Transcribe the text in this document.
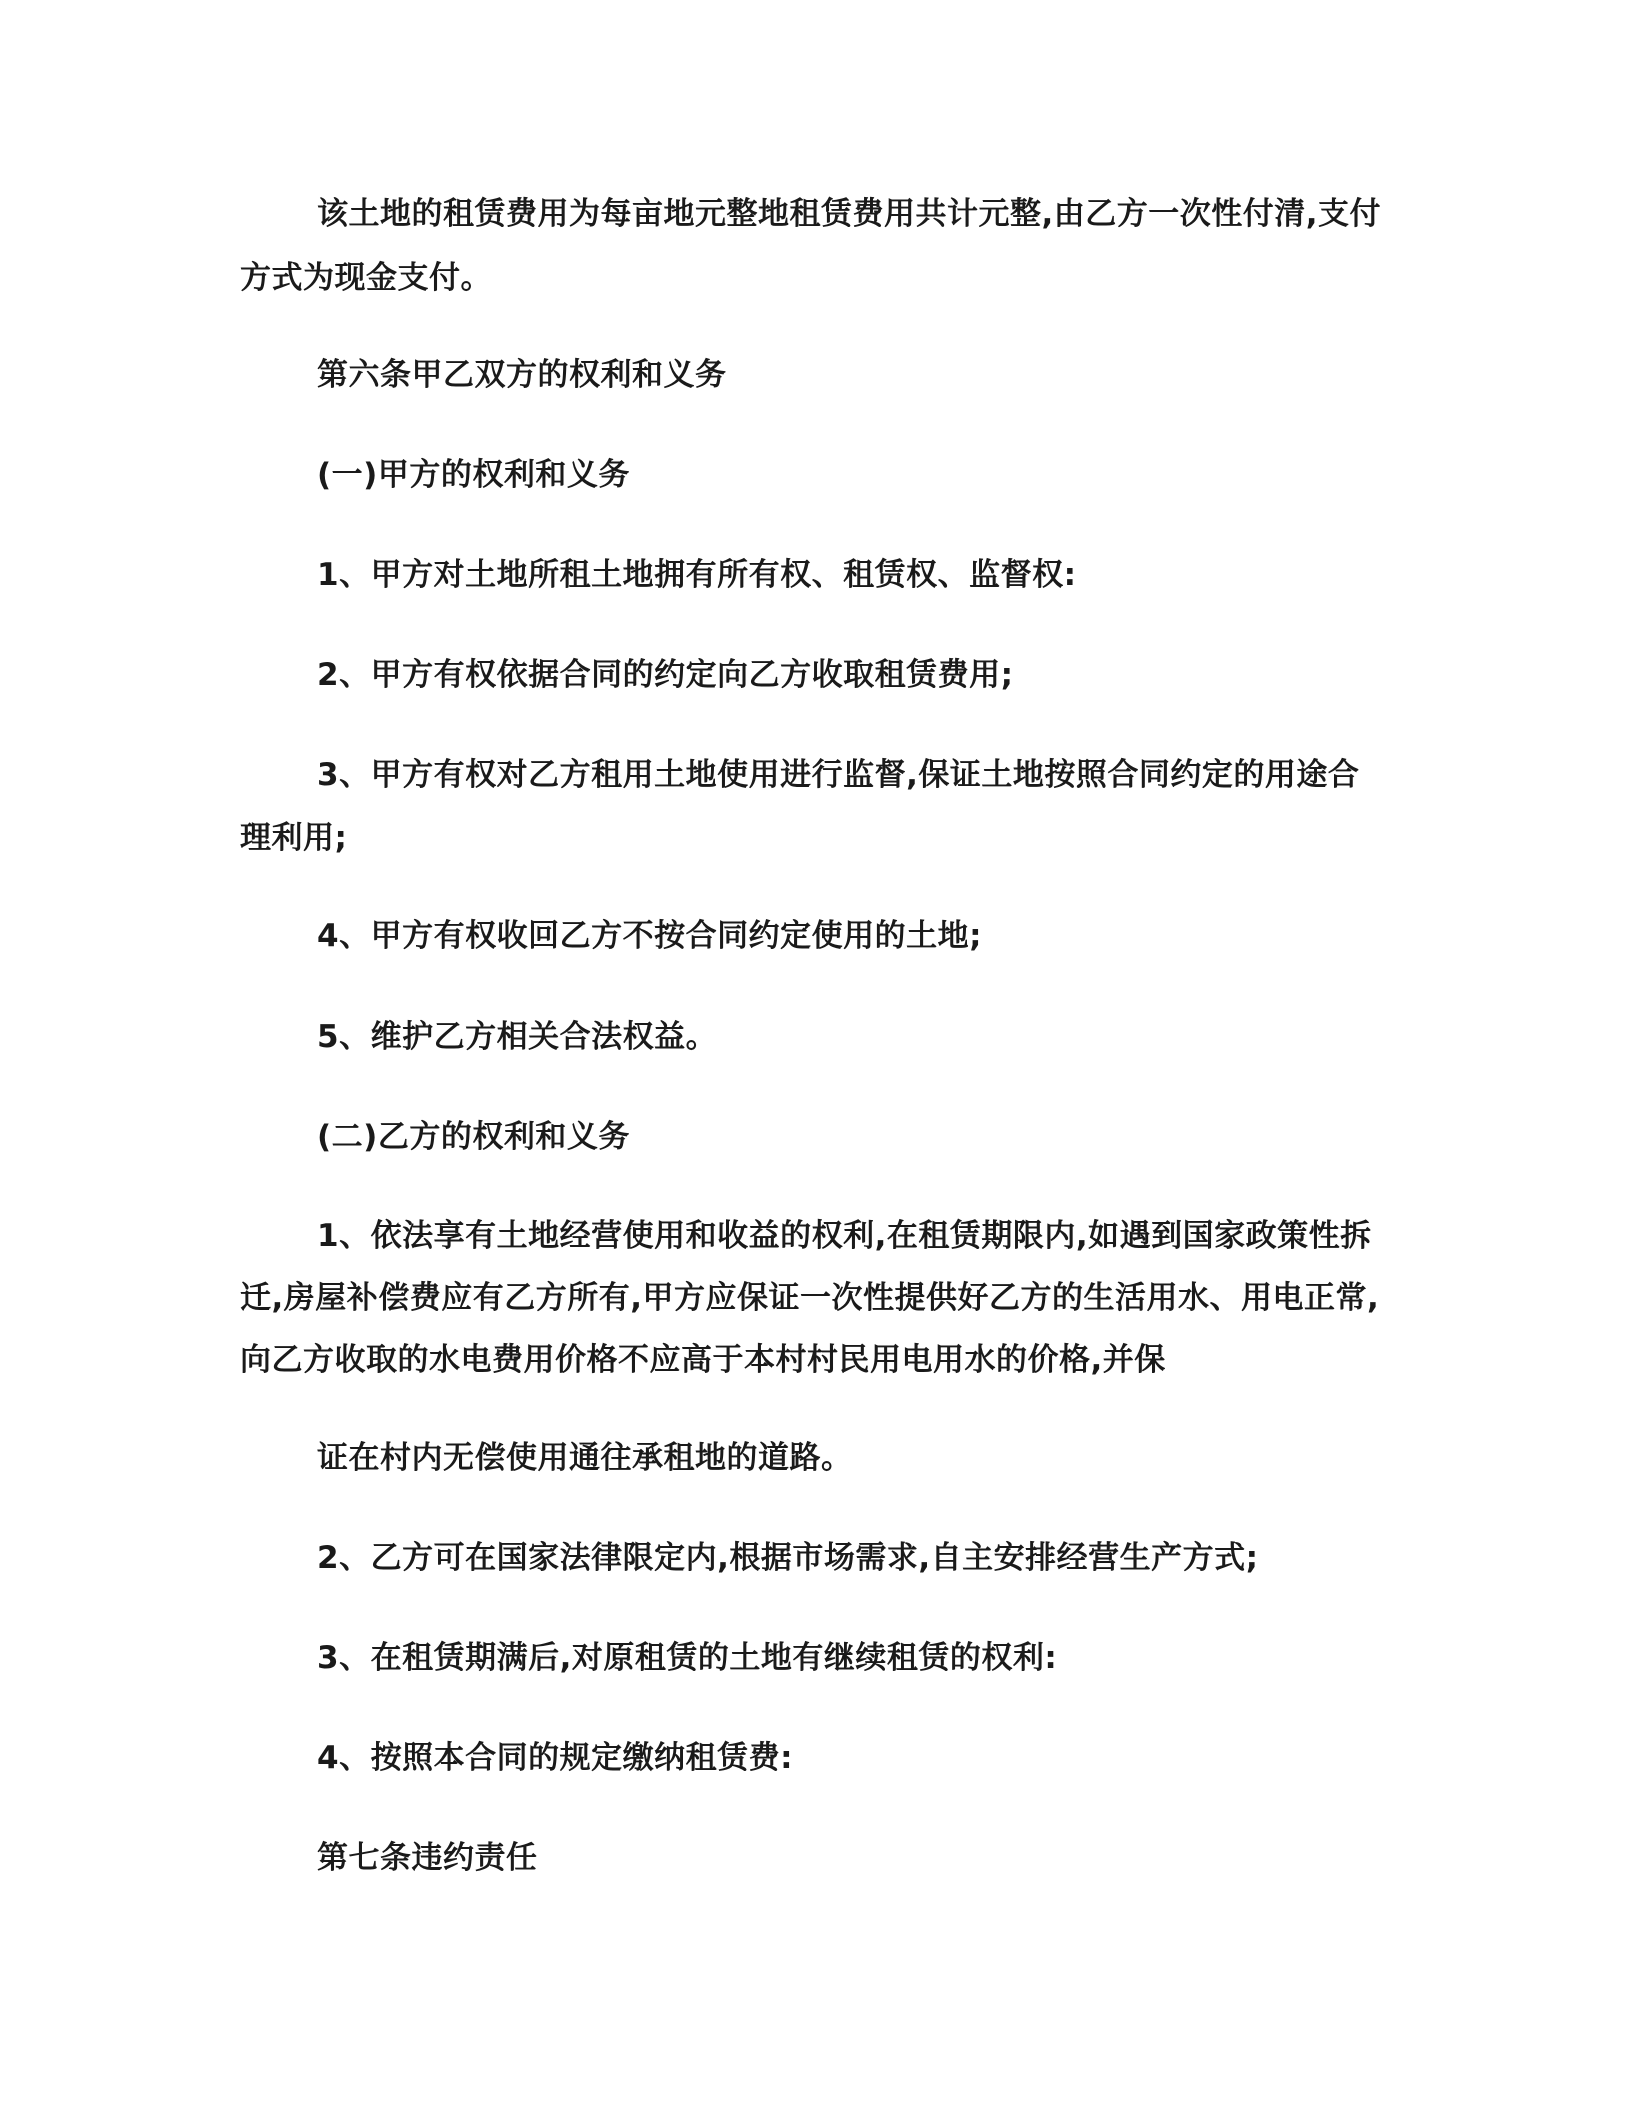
该土地的租赁费用为每亩地元整地租赁费用共计元整,由乙方一次性付清,支付
方式为现金支付。
第六条甲乙双方的权利和义务
(一)甲方的权利和义务
1、甲方对土地所租土地拥有所有权、租赁权、监督权:
2、甲方有权依据合同的约定向乙方收取租赁费用;
3、甲方有权对乙方租用土地使用进行监督,保证土地按照合同约定的用途合
理利用;
4、甲方有权收回乙方不按合同约定使用的土地;
5、维护乙方相关合法权益。
(二)乙方的权利和义务
1、依法享有土地经营使用和收益的权利,在租赁期限内,如遇到国家政策性拆
迁,房屋补偿费应有乙方所有,甲方应保证一次性提供好乙方的生活用水、用电正常,
向乙方收取的水电费用价格不应高于本村村民用电用水的价格,并保
证在村内无偿使用通往承租地的道路。
2、乙方可在国家法律限定内,根据市场需求,自主安排经营生产方式;
3、在租赁期满后,对原租赁的土地有继续租赁的权利:
4、按照本合同的规定缴纳租赁费:
第七条违约责任
